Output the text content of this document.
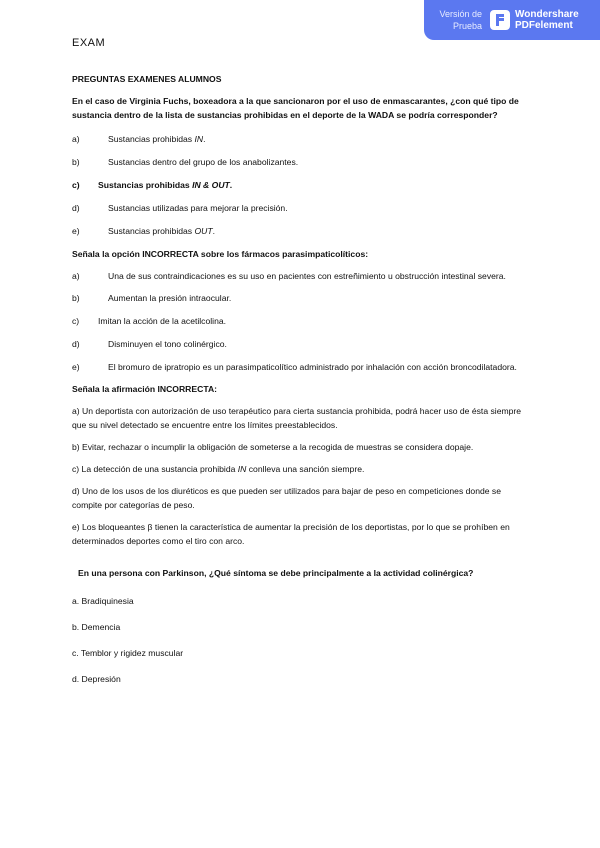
Versión de
Prueba
Wondershare
PDFelement
EXAM

PREGUNTAS EXAMENES ALUMNOS

En el caso de Virginia Fuchs, boxeadora a la que sancionaron por el uso de enmascarantes, ¿con qué tipo de sustancia dentro de la lista de sustancias prohibidas en el deporte de la WADA se podría corresponder?

a)	Sustancias prohibidas IN.

b)	Sustancias dentro del grupo de los anabolizantes.

c)	Sustancias prohibidas IN & OUT.

d)	Sustancias utilizadas para mejorar la precisión.

e)	Sustancias prohibidas OUT.

Señala la opción INCORRECTA sobre los fármacos parasimpaticolíticos:

a)	Una de sus contraindicaciones es su uso en pacientes con estreñimiento u obstrucción intestinal severa.

b)	Aumentan la presión intraocular.

c)	Imitan la acción de la acetilcolina.

d)	Disminuyen el tono colinérgico.

e)	El bromuro de ipratropio es un parasimpaticolítico administrado por inhalación con acción broncodilatadora.

Señala la afirmación INCORRECTA:

a) Un deportista con autorización de uso terapéutico para cierta sustancia prohibida, podrá hacer uso de ésta siempre que su nivel detectado se encuentre entre los límites preestablecidos.

b) Evitar, rechazar o incumplir la obligación de someterse a la recogida de muestras se considera dopaje.

c) La detección de una sustancia prohibida IN conlleva una sanción siempre.

d) Uno de los usos de los diuréticos es que pueden ser utilizados para bajar de peso en competiciones donde se compite por categorías de peso.

e) Los bloqueantes β tienen la característica de aumentar la precisión de los deportistas, por lo que se prohíben en determinados deportes como el tiro con arco.

En una persona con Parkinson, ¿Qué síntoma se debe principalmente a la actividad colinérgica?

a. Bradiquinesia

b. Demencia

c. Temblor y rigidez muscular

d. Depresión
